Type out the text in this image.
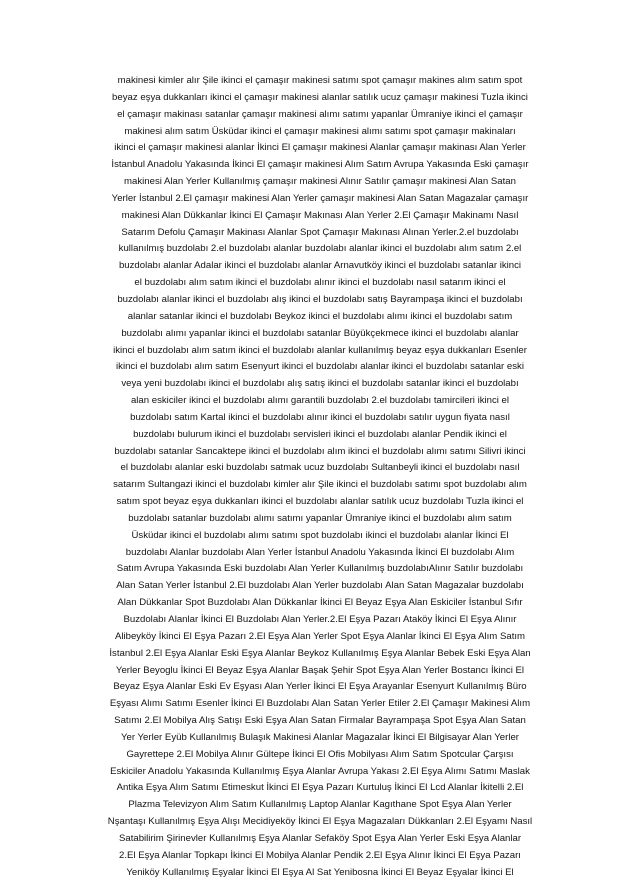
makinesi kimler alır Şile ikinci el çamaşır makinesi satımı spot çamaşır makines alım satım spot
beyaz eşya dukkanları ikinci el çamaşır makinesi alanlar satılık ucuz çamaşır makinesi Tuzla ikinci
el çamaşır makinası satanlar çamaşır makinesi alımı satımı yapanlar Ümraniye ikinci el çamaşır
makinesi alım satım Üsküdar ikinci el çamaşır makinesi alımı satımı spot çamaşır makinaları
ikinci el çamaşır makinesi alanlar İkinci El çamaşır makinesi Alanlar çamaşır makinası Alan Yerler
İstanbul Anadolu Yakasında İkinci El çamaşır makinesi Alım Satım Avrupa Yakasında Eski çamaşır
makinesi Alan Yerler Kullanılmış çamaşır makinesi Alınır Satılır çamaşır makinesi Alan Satan
Yerler İstanbul 2.El çamaşır makinesi Alan Yerler çamaşır makinesi Alan Satan Magazalar çamaşır
makinesi Alan Dükkanlar İkinci El Çamaşır Makınası Alan Yerler 2.El Çamaşır Makinamı Nasıl
Satarım Defolu Çamaşır Makinası Alanlar Spot Çamaşır Makınası Alınan Yerler.2.el buzdolabı
kullanılmış buzdolabı 2.el buzdolabı alanlar buzdolabı alanlar ikinci el buzdolabı alım satım 2.el
buzdolabı alanlar Adalar ikinci el buzdolabı alanlar Arnavutköy ikinci el buzdolabı satanlar ikinci
el buzdolabı alım satım ikinci el buzdolabı alınır ikinci el buzdolabı nasıl satarım ikinci el
buzdolabı alanlar ikinci el buzdolabı alış ikinci el buzdolabı satış Bayrampaşa ikinci el buzdolabı
alanlar satanlar ikinci el buzdolabı Beykoz ikinci el buzdolabı alımı ikinci el buzdolabı satım
buzdolabı alımı yapanlar ikinci el buzdolabı satanlar Büyükçekmece ikinci el buzdolabı alanlar
ikinci el buzdolabı alım satım ikinci el buzdolabı alanlar kullanılmış beyaz eşya dukkanları Esenler
ikinci el buzdolabı alım satım Esenyurt ikinci el buzdolabı alanlar ikinci el buzdolabı satanlar eski
veya yeni buzdolabı ikinci el buzdolabı alış satış ikinci el buzdolabı satanlar ikinci el buzdolabı
alan eskiciler ikinci el buzdolabı alımı garantili buzdolabı 2.el buzdolabı tamircileri ikinci el
buzdolabı satım Kartal ikinci el buzdolabı alınır ikinci el buzdolabı satılır uygun fiyata nasıl
buzdolabı bulurum ikinci el buzdolabı servisleri ikinci el buzdolabı alanlar Pendik ikinci el
buzdolabı satanlar Sancaktepe ikinci el buzdolabı alım ikinci el buzdolabı alımı satımı Silivri ikinci
el buzdolabı alanlar eski buzdolabı satmak ucuz buzdolabı Sultanbeyli ikinci el buzdolabı nasıl
satarım Sultangazi ikinci el buzdolabı kimler alır Şile ikinci el buzdolabı satımı spot buzdolabı alım
satım spot beyaz eşya dukkanları ikinci el buzdolabı alanlar satılık ucuz buzdolabı Tuzla ikinci el
buzdolabı satanlar buzdolabı alımı satımı yapanlar Ümraniye ikinci el buzdolabı alım satım
Üsküdar ikinci el buzdolabı alımı satımı spot buzdolabı ikinci el buzdolabı alanlar İkinci El
buzdolabı Alanlar buzdolabı Alan Yerler İstanbul Anadolu Yakasında İkinci El buzdolabı Alım
Satım Avrupa Yakasında Eski buzdolabı Alan Yerler Kullanılmış buzdolabıAlınır Satılır buzdolabı
Alan Satan Yerler İstanbul 2.El buzdolabı Alan Yerler buzdolabı Alan Satan Magazalar buzdolabı
Alan Dükkanlar Spot Buzdolabı Alan Dükkanlar İkinci El Beyaz Eşya Alan Eskiciler İstanbul Sıfır
Buzdolabı Alanlar İkinci El Buzdolabı Alan Yerler.2.El Eşya Pazarı Ataköy İkinci El Eşya Alınır
Alibeyköy İkinci El Eşya Pazarı 2.El Eşya Alan Yerler Spot Eşya Alanlar İkinci El Eşya Alım Satım
İstanbul 2.El Eşya Alanlar Eski Eşya Alanlar Beykoz Kullanılmış Eşya Alanlar Bebek Eski Eşya Alan
Yerler Beyoglu İkinci El Beyaz Eşya Alanlar Başak Şehir Spot Eşya Alan Yerler Bostancı İkinci El
Beyaz Eşya Alanlar Eski Ev Eşyası Alan Yerler İkinci El Eşya Arayanlar Esenyurt Kullanılmış Büro
Eşyası Alımı Satımı Esenler İkinci El Buzdolabı Alan Satan Yerler Etiler 2.El Çamaşır Makinesi Alım
Satımı 2.El Mobilya Alış Satışı Eski Eşya Alan Satan Firmalar Bayrampaşa Spot Eşya Alan Satan
Yer Yerler Eyüb Kullanılmış Bulaşık Makinesi Alanlar Magazalar İkinci El Bilgisayar Alan Yerler
Gayrettepe 2.El Mobilya Alınır Gültepe İkinci El Ofis Mobilyası Alım Satım Spotcular Çarşısı
Eskiciler Anadolu Yakasında Kullanılmış Eşya Alanlar Avrupa Yakası 2.El Eşya Alımı Satımı Maslak
Antika Eşya Alım Satımı Etimeskut İkinci El Eşya Pazarı Kurtuluş İkinci El Lcd Alanlar İkitelli 2.El
Plazma Televizyon Alım Satım Kullanılmış Laptop Alanlar Kagıthane Spot Eşya Alan Yerler
Nşantaşı Kullanılmış Eşya Alışı Mecidiyeköy İkinci El Eşya Magazaları Dükkanları 2.El Eşyamı Nasıl
Satabilirim Şirinevler Kullanılmış Eşya Alanlar Sefaköy Spot Eşya Alan Yerler Eski Eşya Alanlar
2.El Eşya Alanlar Topkapı İkinci El Mobilya Alanlar Pendik 2.El Eşya Alınır İkinci El Eşya Pazarı
Yeniköy Kullanılmış Eşyalar İkinci El Eşya Al Sat Yenibosna İkinci El Beyaz Eşyalar İkinci El
